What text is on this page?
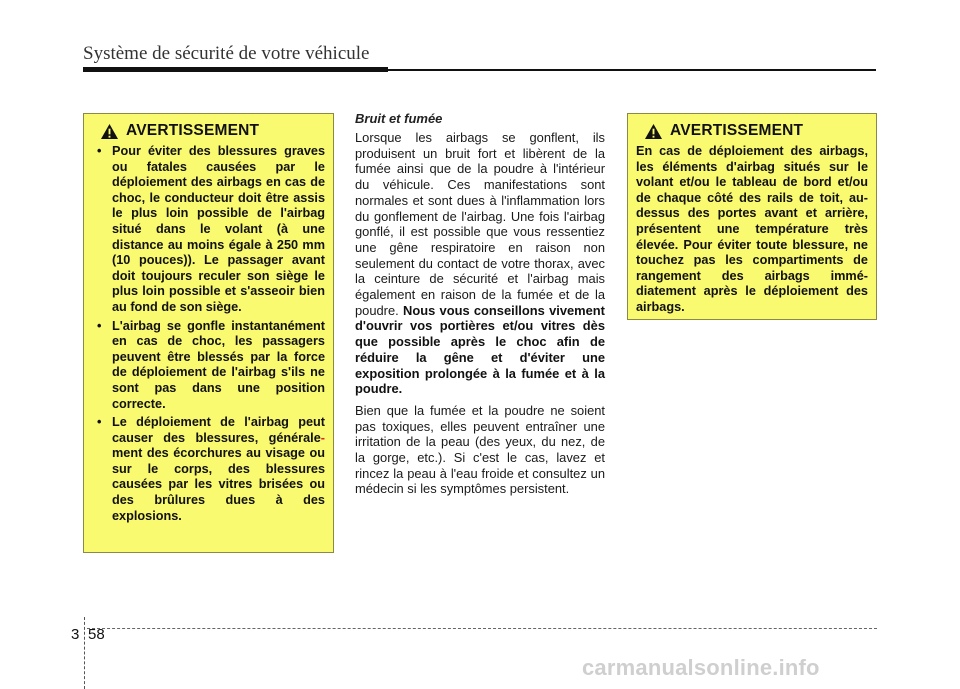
Système de sécurité de votre véhicule
AVERTISSEMENT
• Pour éviter des blessures graves ou fatales causées par le déploiement des airbags en cas de choc, le conducteur doit être assis le plus loin possible de l'airbag situé dans le volant (à une distance au moins égale à 250 mm (10 pouces)). Le passager avant doit toujours reculer son siège le plus loin possible et s'asseoir bien au fond de son siège.
• L'airbag se gonfle instantanément en cas de choc, les passagers peuvent être blessés par la force de déploiement de l'airbag s'ils ne sont pas dans une position correcte.
• Le déploiement de l'airbag peut causer des blessures, générale-ment des écorchures au visage ou sur le corps, des blessures causées par les vitres brisées ou des brûlures dues à des explosions.

Bruit et fumée

Lorsque les airbags se gonflent, ils produisent un bruit fort et libèrent de la fumée ainsi que de la poudre à l'intérieur du véhicule. Ces manifestations sont normales et sont dues à l'inflammation lors du gonflement de l'airbag. Une fois l'airbag gonflé, il est possible que vous ressentiez une gêne respiratoire en raison non seulement du contact de votre thorax, avec la ceinture de sécurité et l'airbag mais également en raison de la fumée et de la poudre. Nous vous conseillons vivement d'ouvrir vos portières et/ou vitres dès que possible après le choc afin de réduire la gêne et d'éviter une exposition prolongée à la fumée et à la poudre.

Bien que la fumée et la poudre ne soient pas toxiques, elles peuvent entraîner une irritation de la peau (des yeux, du nez, de la gorge, etc.). Si c'est le cas, lavez et rincez la peau à l'eau froide et consultez un médecin si les symptômes persistent.

AVERTISSEMENT

En cas de déploiement des airbags, les éléments d'airbag situés sur le volant et/ou le tableau de bord et/ou de chaque côté des rails de toit, au-dessus des portes avant et arrière, présentent une température très élevée. Pour éviter toute blessure, ne touchez pas les compartiments de rangement des airbags immé-diatement après le déploiement des airbags.

3 58
carmanualsonline.info
